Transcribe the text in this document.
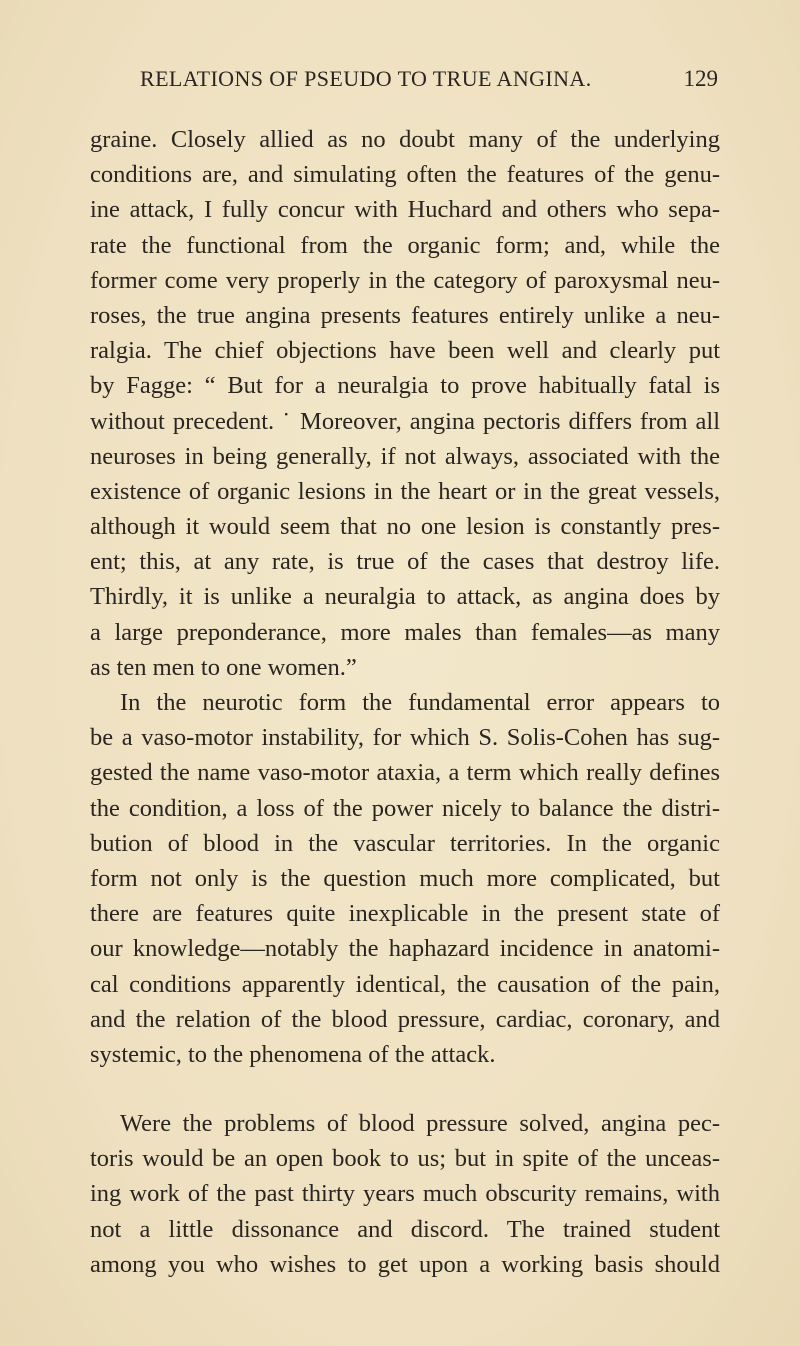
RELATIONS OF PSEUDO TO TRUE ANGINA.	129
graine. Closely allied as no doubt many of the underlying
conditions are, and simulating often the features of the genu-
ine attack, I fully concur with Huchard and others who sepa-
rate the functional from the organic form; and, while the
former come very properly in the category of paroxysmal neu-
roses, the true angina presents features entirely unlike a neu-
ralgia. The chief objections have been well and clearly put
by Fagge: “ But for a neuralgia to prove habitually fatal is
without precedent. ˙ Moreover, angina pectoris differs from all
neuroses in being generally, if not always, associated with the
existence of organic lesions in the heart or in the great vessels,
although it would seem that no one lesion is constantly pres-
ent; this, at any rate, is true of the cases that destroy life.
Thirdly, it is unlike a neuralgia to attack, as angina does by
a large preponderance, more males than females—as many
as ten men to one women.”
In the neurotic form the fundamental error appears to
be a vaso-motor instability, for which S. Solis-Cohen has sug-
gested the name vaso-motor ataxia, a term which really defines
the condition, a loss of the power nicely to balance the distri-
bution of blood in the vascular territories. In the organic
form not only is the question much more complicated, but
there are features quite inexplicable in the present state of
our knowledge—notably the haphazard incidence in anatomi-
cal conditions apparently identical, the causation of the pain,
and the relation of the blood pressure, cardiac, coronary, and
systemic, to the phenomena of the attack.
Were the problems of blood pressure solved, angina pec-
toris would be an open book to us; but in spite of the unceas-
ing work of the past thirty years much obscurity remains, with
not a little dissonance and discord. The trained student
among you who wishes to get upon a working basis should
